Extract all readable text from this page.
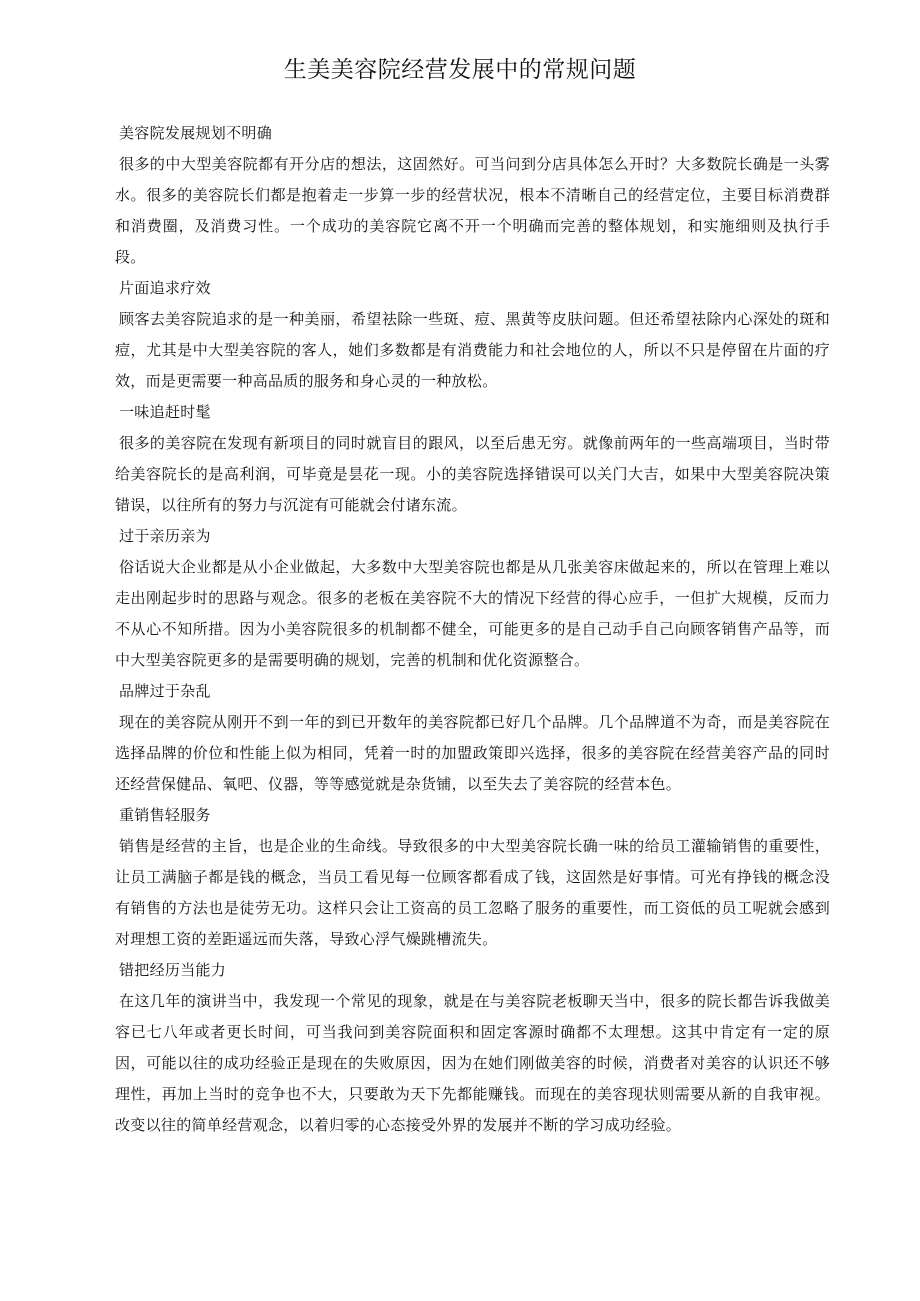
生美美容院经营发展中的常规问题

美容院发展规划不明确

很多的中大型美容院都有开分店的想法，这固然好。可当问到分店具体怎么开时？大多数院长确是一头雾水。很多的美容院长们都是抱着走一步算一步的经营状况，根本不清晰自己的经营定位，主要目标消费群和消费圈，及消费习性。一个成功的美容院它离不开一个明确而完善的整体规划，和实施细则及执行手段。

片面追求疗效

顾客去美容院追求的是一种美丽，希望祛除一些斑、痘、黑黄等皮肤问题。但还希望祛除内心深处的斑和痘，尤其是中大型美容院的客人，她们多数都是有消费能力和社会地位的人，所以不只是停留在片面的疗效，而是更需要一种高品质的服务和身心灵的一种放松。

一味追赶时髦

很多的美容院在发现有新项目的同时就盲目的跟风，以至后患无穷。就像前两年的一些高端项目，当时带给美容院长的是高利润，可毕竟是昙花一现。小的美容院选择错误可以关门大吉，如果中大型美容院决策错误，以往所有的努力与沉淀有可能就会付诸东流。

过于亲历亲为

俗话说大企业都是从小企业做起，大多数中大型美容院也都是从几张美容床做起来的，所以在管理上难以走出刚起步时的思路与观念。很多的老板在美容院不大的情况下经营的得心应手，一但扩大规模，反而力不从心不知所措。因为小美容院很多的机制都不健全，可能更多的是自己动手自己向顾客销售产品等，而中大型美容院更多的是需要明确的规划，完善的机制和优化资源整合。

品牌过于杂乱

现在的美容院从刚开不到一年的到已开数年的美容院都已好几个品牌。几个品牌道不为奇，而是美容院在选择品牌的价位和性能上似为相同，凭着一时的加盟政策即兴选择，很多的美容院在经营美容产品的同时还经营保健品、氧吧、仪器，等等感觉就是杂货铺，以至失去了美容院的经营本色。

重销售轻服务

销售是经营的主旨，也是企业的生命线。导致很多的中大型美容院长确一味的给员工灌输销售的重要性，让员工满脑子都是钱的概念，当员工看见每一位顾客都看成了钱，这固然是好事情。可光有挣钱的概念没有销售的方法也是徒劳无功。这样只会让工资高的员工忽略了服务的重要性，而工资低的员工呢就会感到对理想工资的差距遥远而失落，导致心浮气燥跳槽流失。

错把经历当能力

在这几年的演讲当中，我发现一个常见的现象，就是在与美容院老板聊天当中，很多的院长都告诉我做美容已七八年或者更长时间，可当我问到美容院面积和固定客源时确都不太理想。这其中肯定有一定的原因，可能以往的成功经验正是现在的失败原因，因为在她们刚做美容的时候，消费者对美容的认识还不够理性，再加上当时的竞争也不大，只要敢为天下先都能赚钱。而现在的美容现状则需要从新的自我审视。改变以往的简单经营观念，以着归零的心态接受外界的发展并不断的学习成功经验。
